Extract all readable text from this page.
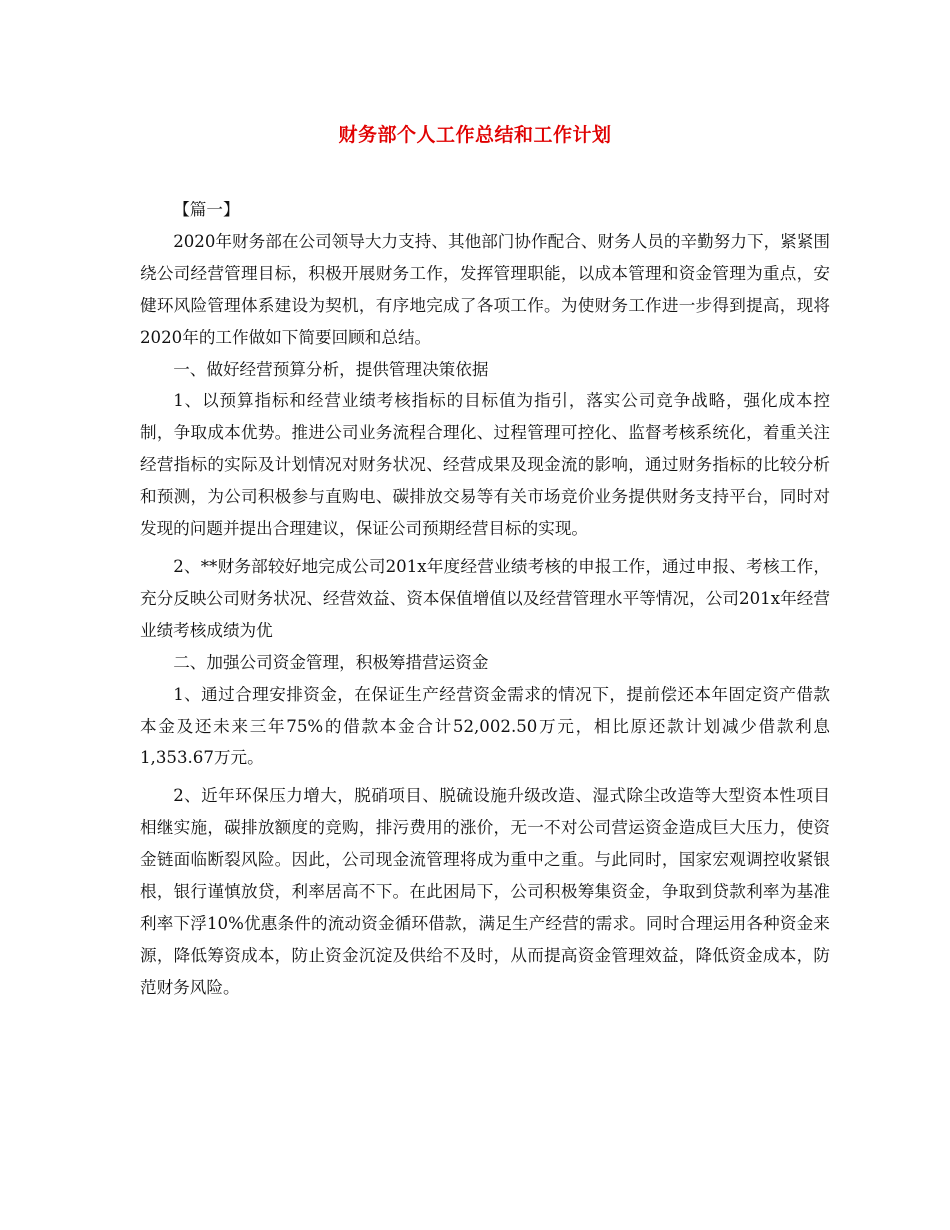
财务部个人工作总结和工作计划

【篇一】

2020年财务部在公司领导大力支持、其他部门协作配合、财务人员的辛勤努力下，紧紧围绕公司经营管理目标，积极开展财务工作，发挥管理职能，以成本管理和资金管理为重点，安健环风险管理体系建设为契机，有序地完成了各项工作。为使财务工作进一步得到提高，现将2020年的工作做如下简要回顾和总结。

一、做好经营预算分析，提供管理决策依据

1、以预算指标和经营业绩考核指标的目标值为指引，落实公司竞争战略，强化成本控制，争取成本优势。推进公司业务流程合理化、过程管理可控化、监督考核系统化，着重关注经营指标的实际及计划情况对财务状况、经营成果及现金流的影响，通过财务指标的比较分析和预测，为公司积极参与直购电、碳排放交易等有关市场竞价业务提供财务支持平台，同时对发现的问题并提出合理建议，保证公司预期经营目标的实现。

2、**财务部较好地完成公司201x年度经营业绩考核的申报工作，通过申报、考核工作，充分反映公司财务状况、经营效益、资本保值增值以及经营管理水平等情况，公司201x年经营业绩考核成绩为优

二、加强公司资金管理，积极筹措营运资金

1、通过合理安排资金，在保证生产经营资金需求的情况下，提前偿还本年固定资产借款本金及还未来三年75%的借款本金合计52,002.50万元，相比原还款计划减少借款利息1,353.67万元。

2、近年环保压力增大，脱硝项目、脱硫设施升级改造、湿式除尘改造等大型资本性项目相继实施，碳排放额度的竞购，排污费用的涨价，无一不对公司营运资金造成巨大压力，使资金链面临断裂风险。因此，公司现金流管理将成为重中之重。与此同时，国家宏观调控收紧银根，银行谨慎放贷，利率居高不下。在此困局下，公司积极筹集资金，争取到贷款利率为基准利率下浮10%优惠条件的流动资金循环借款，满足生产经营的需求。同时合理运用各种资金来源，降低筹资成本，防止资金沉淀及供给不及时，从而提高资金管理效益，降低资金成本，防范财务风险。
